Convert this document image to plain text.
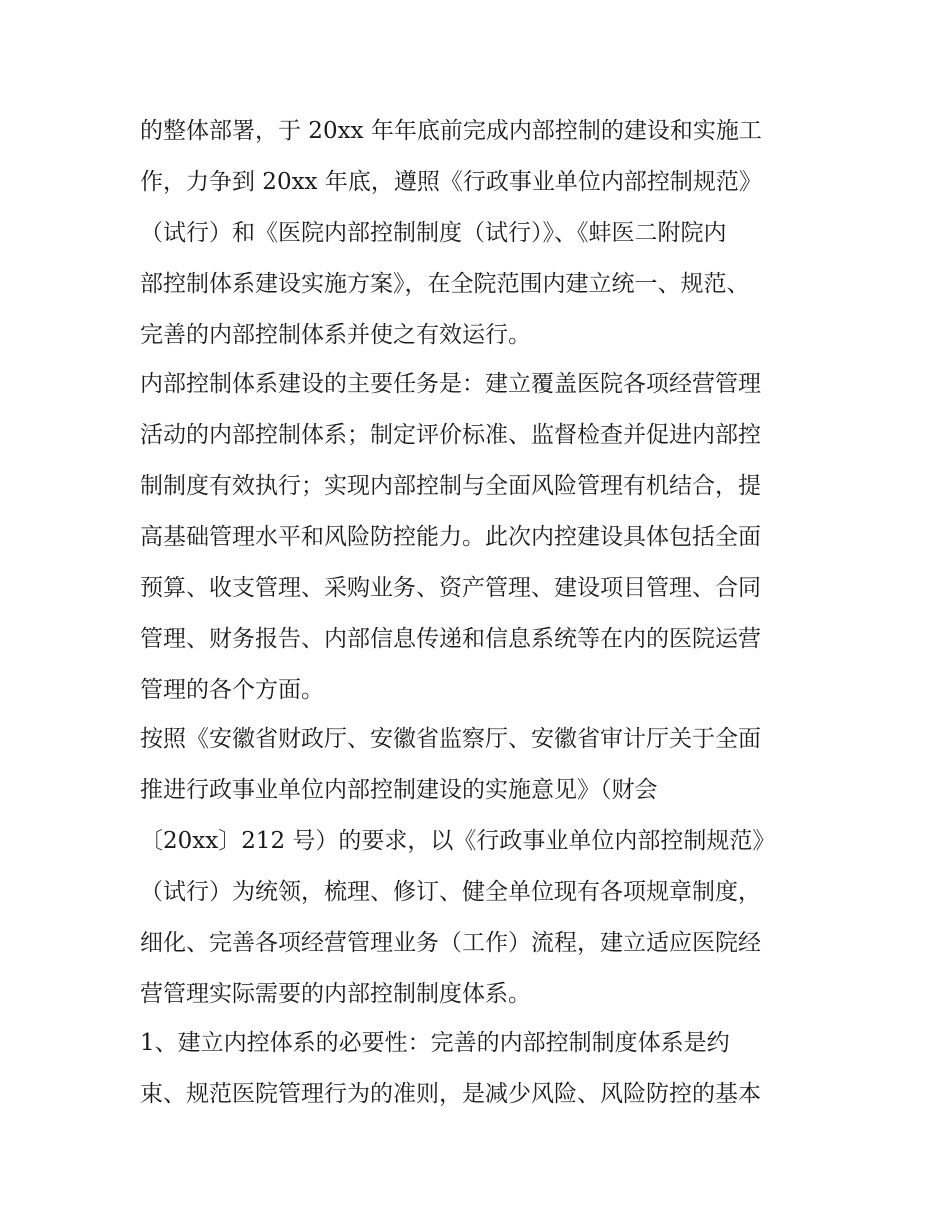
的整体部署，于 20xx 年年底前完成内部控制的建设和实施工
作，力争到 20xx 年底，遵照《行政事业单位内部控制规范》
（试行）和《医院内部控制制度（试行）》、《蚌医二附院内
部控制体系建设实施方案》，在全院范围内建立统一、规范、
完善的内部控制体系并使之有效运行。
内部控制体系建设的主要任务是：建立覆盖医院各项经营管理
活动的内部控制体系；制定评价标准、监督检查并促进内部控
制制度有效执行；实现内部控制与全面风险管理有机结合，提
高基础管理水平和风险防控能力。此次内控建设具体包括全面
预算、收支管理、采购业务、资产管理、建设项目管理、合同
管理、财务报告、内部信息传递和信息系统等在内的医院运营
管理的各个方面。
按照《安徽省财政厅、安徽省监察厅、安徽省审计厅关于全面
推进行政事业单位内部控制建设的实施意见》（财会
〔20xx〕212 号）的要求，以《行政事业单位内部控制规范》
（试行）为统领，梳理、修订、健全单位现有各项规章制度，
细化、完善各项经营管理业务（工作）流程，建立适应医院经
营管理实际需要的内部控制制度体系。
1、建立内控体系的必要性：完善的内部控制制度体系是约
束、规范医院管理行为的准则，是减少风险、风险防控的基本
